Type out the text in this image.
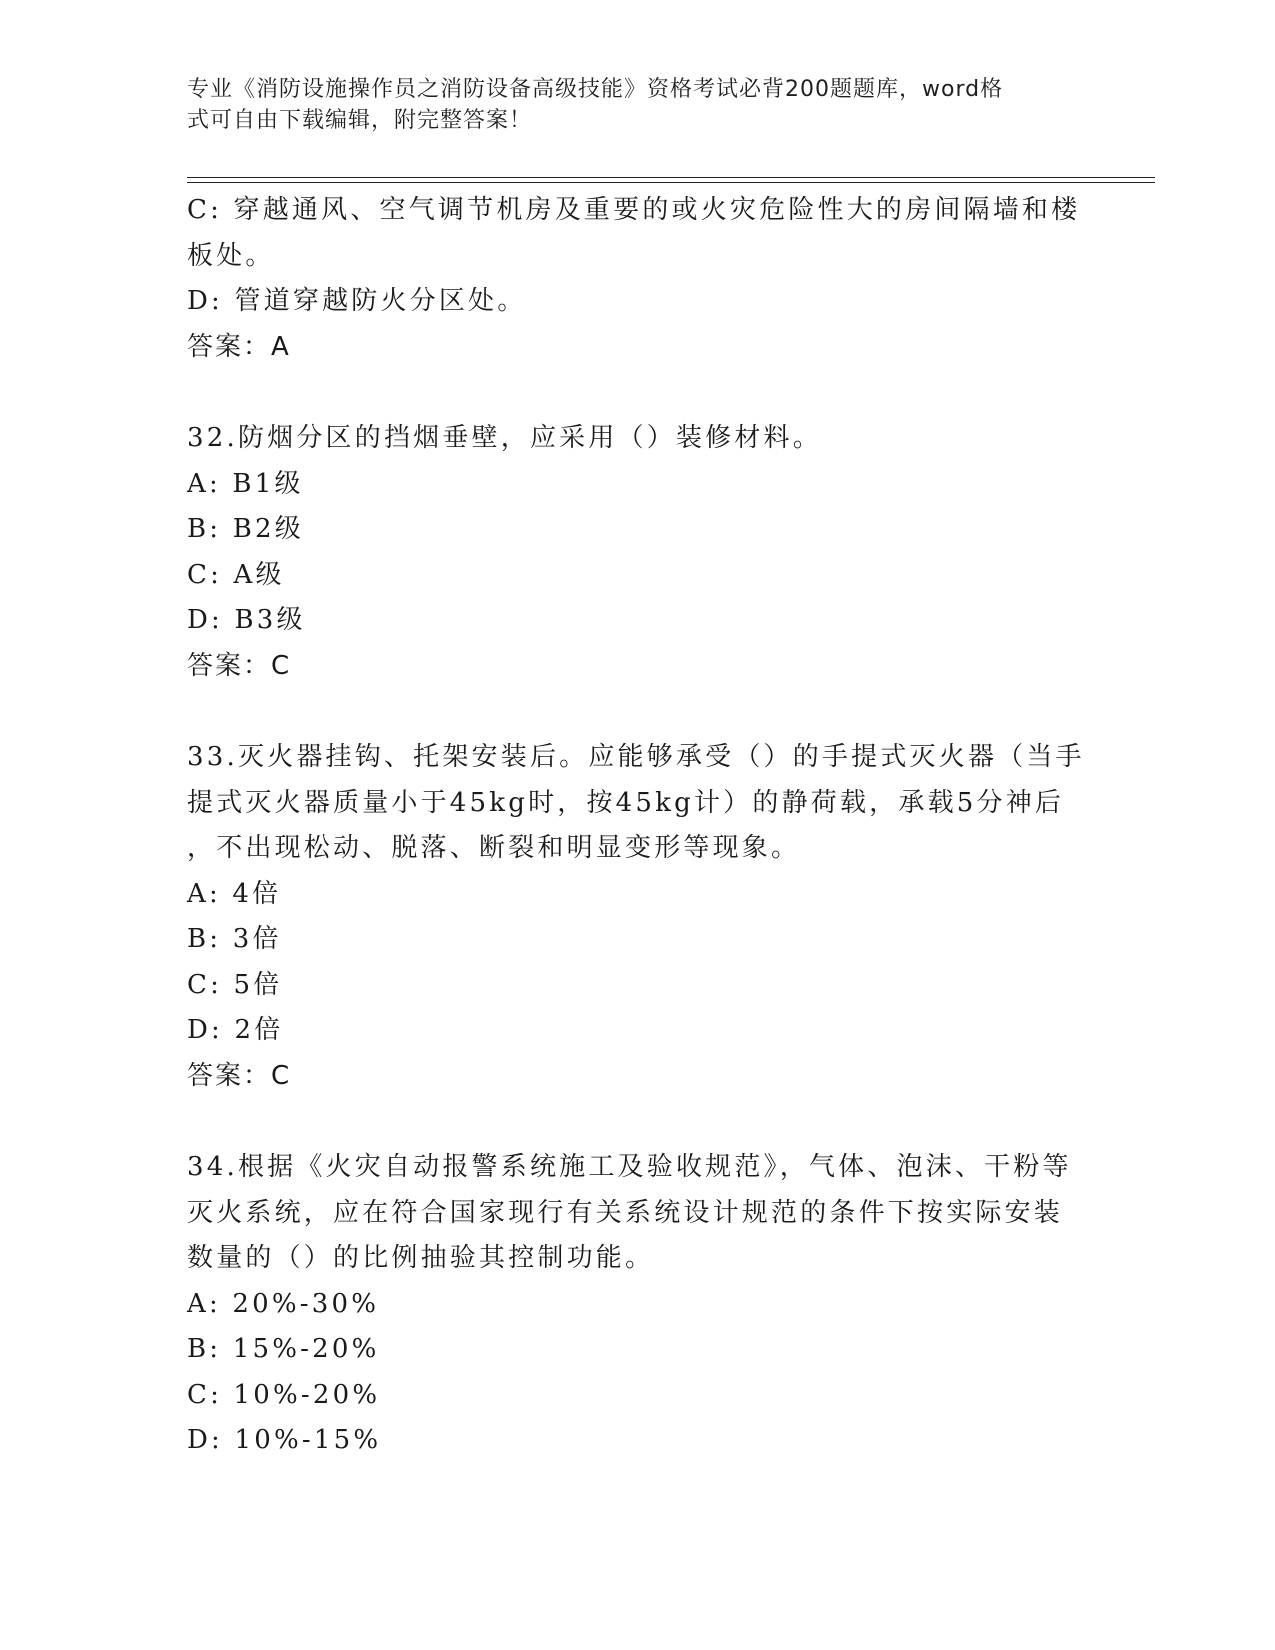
专业《消防设施操作员之消防设备高级技能》资格考试必背200题题库，word格
式可自由下载编辑，附完整答案！
C: 穿越通风、空气调节机房及重要的或火灾危险性大的房间隔墙和楼
板处。
D: 管道穿越防火分区处。
答案：A
32.防烟分区的挡烟垂壁，应采用（）装修材料。
A: B1级
B: B2级
C: A级
D: B3级
答案：C
33.灭火器挂钩、托架安装后。应能够承受（）的手提式灭火器（当手
提式灭火器质量小于45kg时，按45kg计）的静荷载，承载5分神后
，不出现松动、脱落、断裂和明显变形等现象。
A: 4倍
B: 3倍
C: 5倍
D: 2倍
答案：C
34.根据《火灾自动报警系统施工及验收规范》，气体、泡沫、干粉等
灭火系统，应在符合国家现行有关系统设计规范的条件下按实际安装
数量的（）的比例抽验其控制功能。
A: 20%-30%
B: 15%-20%
C: 10%-20%
D: 10%-15%
